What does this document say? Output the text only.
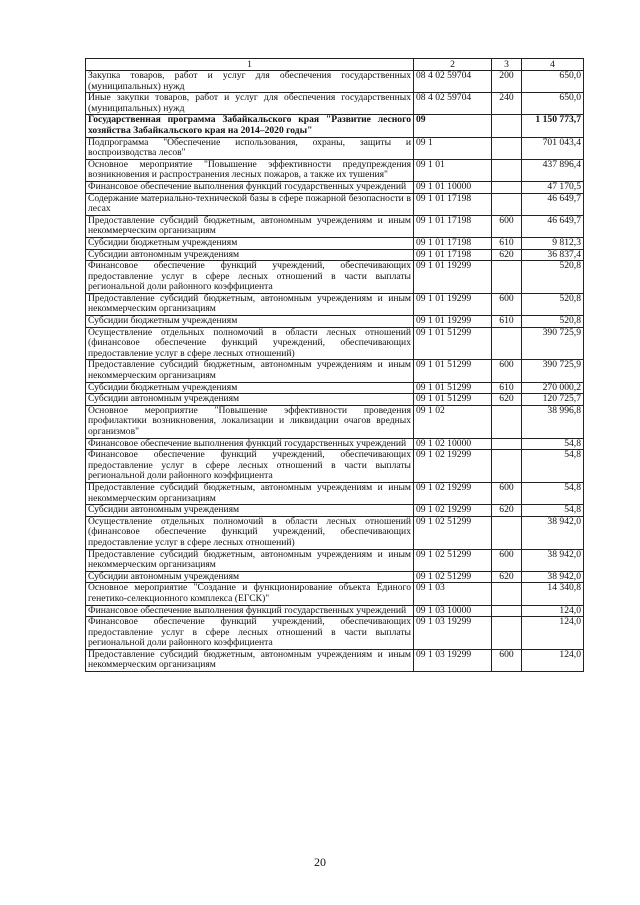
1	2	3	4
Закупка товаров, работ и услуг для обеспечения государственных (муниципальных) нужд	08 4 02 59704	200	650,0
Иные закупки товаров, работ и услуг для обеспечения государственных (муниципальных) нужд	08 4 02 59704	240	650,0
Государственная программа Забайкальского края "Развитие лесного хозяйства Забайкальского края на 2014–2020 годы"	09		1 150 773,7
Подпрограмма "Обеспечение использования, охраны, защиты и воспроизводства лесов"	09 1		701 043,4
Основное мероприятие "Повышение эффективности предупреждения возникновения и распространения лесных пожаров, а также их тушения"	09 1 01		437 896,4
Финансовое обеспечение выполнения функций государственных учреждений	09 1 01 10000		47 170,5
Содержание материально-технической базы в сфере пожарной безопасности в лесах	09 1 01 17198		46 649,7
Предоставление субсидий бюджетным, автономным учреждениям и иным некоммерческим организациям	09 1 01 17198	600	46 649,7
Субсидии бюджетным учреждениям	09 1 01 17198	610	9 812,3
Субсидии автономным учреждениям	09 1 01 17198	620	36 837,4
Финансовое обеспечение функций учреждений, обеспечивающих предоставление услуг в сфере лесных отношений в части выплаты региональной доли районного коэффициента	09 1 01 19299		520,8
Предоставление субсидий бюджетным, автономным учреждениям и иным некоммерческим организациям	09 1 01 19299	600	520,8
Субсидии бюджетным учреждениям	09 1 01 19299	610	520,8
Осуществление отдельных полномочий в области лесных отношений (финансовое обеспечение функций учреждений, обеспечивающих предоставление услуг в сфере лесных отношений)	09 1 01 51299		390 725,9
Предоставление субсидий бюджетным, автономным учреждениям и иным некоммерческим организациям	09 1 01 51299	600	390 725,9
Субсидии бюджетным учреждениям	09 1 01 51299	610	270 000,2
Субсидии автономным учреждениям	09 1 01 51299	620	120 725,7
Основное мероприятие "Повышение эффективности проведения профилактики возникновения, локализации и ликвидации очагов вредных организмов"	09 1 02		38 996,8
Финансовое обеспечение выполнения функций государственных учреждений	09 1 02 10000		54,8
Финансовое обеспечение функций учреждений, обеспечивающих предоставление услуг в сфере лесных отношений в части выплаты региональной доли районного коэффициента	09 1 02 19299		54,8
Предоставление субсидий бюджетным, автономным учреждениям и иным некоммерческим организациям	09 1 02 19299	600	54,8
Субсидии автономным учреждениям	09 1 02 19299	620	54,8
Осуществление отдельных полномочий в области лесных отношений (финансовое обеспечение функций учреждений, обеспечивающих предоставление услуг в сфере лесных отношений)	09 1 02 51299		38 942,0
Предоставление субсидий бюджетным, автономным учреждениям и иным некоммерческим организациям	09 1 02 51299	600	38 942,0
Субсидии автономным учреждениям	09 1 02 51299	620	38 942,0
Основное мероприятие "Создание и функционирование объекта Единого генетико-селекционного комплекса (ЕГСК)"	09 1 03		14 340,8
Финансовое обеспечение выполнения функций государственных учреждений	09 1 03 10000		124,0
Финансовое обеспечение функций учреждений, обеспечивающих предоставление услуг в сфере лесных отношений в части выплаты региональной доли районного коэффициента	09 1 03 19299		124,0
Предоставление субсидий бюджетным, автономным учреждениям и иным некоммерческим организациям	09 1 03 19299	600	124,0
20
